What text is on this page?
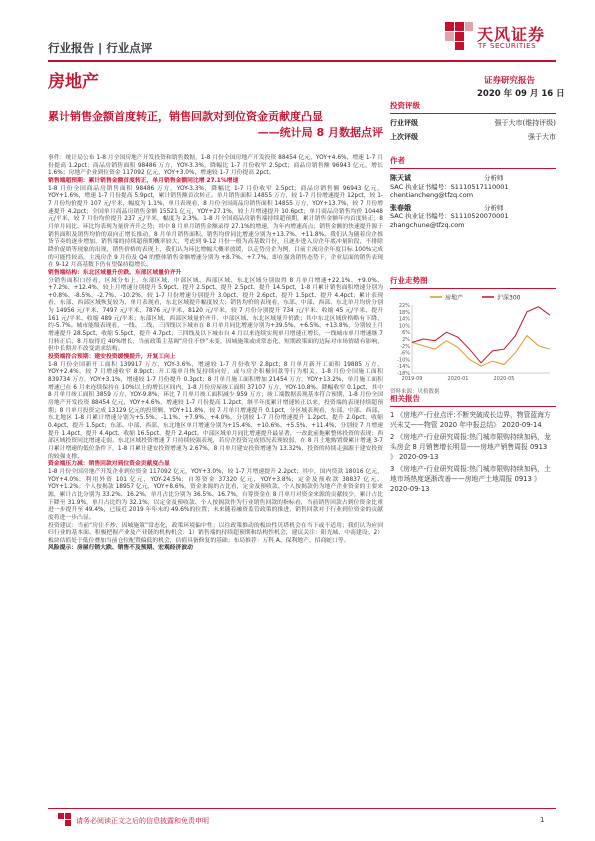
天风证券
TF SECURITIES
行业报告 | 行业点评
房地产	证券研究报告
2020 年 09 月 16 日
累计销售金额首度转正，销售回款对到位资金贡献度凸显
——统计局 8 月数据点评

事件：统计局公布 1-8 月全国房地产开发投资和销售数据，1-8 月份全国房地产开发投资 88454 亿元，YOY+4.6%，增速 1-7 月份提高 1.2pct；商品房销售面积 98486 万方，YOY-3.3%，降幅比 1-7 月份收窄 2.5pct；商品房销售额 96943 亿元，增长 1.6%；房地产企业到位资金 117092 亿元，YOY+3.0%，增速较 1-7 月份提高 2pct。

销售端超预期：累计销售金额首度转正，单月销售金额同比增 27.1%增速

1-8 月份全国商品房销售面积 98486 万方，YOY-3.3%，降幅比 1-7 月份收窄 2.5pct；商品房销售额 96943 亿元，YOY+1.6%，增速 1-7 月份提高 5.9pct，累计销售额首次转正。单月销售面积 14855 万方，较 1-7 月份增速提升 12pct，较 1-7 月份均价提升 107 元/平米，幅度为 1.1%，单月表现看，8 月份全国商品房销售面积 14855 万方，YOY+13.7%，较 7 月份增速提升 4.2pct；全国单月商品房销售金额 15521 亿元，YOY+27.1%，较上月增速提升 10.6pct；单月商品房销售均价 10448 元/平米，较 7 月份均价提升 237 元/平米，幅度为 2.3%。1-8 月全国商品房销售端持续超预期，累计销售金额年内首度转正；8 月单月同比、环比均表现为量价齐升之势；其中 8 月单月销售金额录得 27.1%的增速，为年内增速高点；销售金额的快速提升源于销售面积及销售均价的双向正增长推动，8 月单月销售面积、销售均价同比增速分别为+13.7%、+11.8%。我们认为随着房企推货节奏的逐步增加，销售端的持续超预期概率较大，考虑到 9-12 月份一般为高基数月份，且逐步进入房企年底冲量阶段，不排除降价促销等现象的出现，销售价格的表现上，我们认为环比增幅大概率放缓，以走势房企为例，目前主流房企年度目标 100%完成的可能性较高，主流房企 9 月份及 Q4 的整体销售金额增速分别为 +8.7%、+7.7%，即在强劲销售态势下，企业层面的销售表现在 9-12 月高基数下仍有望保持稳增长。

销售端结构：东北区域量升价跌、东部区域量价齐升

分销售面积口径看，区域分布上，东部区域、中部区域、西部区域、东北区域分别取得 8 月单月增速+22.1%、+9.0%、+7.2%、+12.4%，较上月增速分别提升 5.9pct、提升 2.5pct、提升 2.5pct、提升 14.5pct，1-8 月累计销售面积增速分别为+0.8%、-8.5%、-2.7%、-10.2%，较 1-7 月份增速分别提升 3.0pct、提升 2.6pct、提升 1.5pct、提升 4.4pct；累计表现看，东部、西部区域恢复较为，单月表现看，东北区域提升幅度较大；销售均价的表现看，东部、中部、西部、东北单月均价分别为 14956 元/平米、7497 元/平米、7876 元/平米、8120 元/平米，较 7 月份分别提升 734 元/平米、收缩 45 元/平米、提升 161 元/平米、收缩 489 元/平米；东部区域、西部区域量价齐升，中部区域、东北区域量升价跌；其中东北区域价格略有下降，约-5.7%。城市能级表现看，一线、二线、三四线以下城市在 8 月单月同比增速分别为+39.5%、+6.5%、+13.8%，分别较上月增速提升 28.5pct、收缩 5.5pct、提升 4.7pct；三四线及以下城市自 4 月以来连续实现单月增速正增长，一线城市单月增速继 7 月转正后，8 月取得近 40%增长，当前政策主基调“房住不炒”未变，因城施策或成常态化，短期政策面的边际对市场情绪有影响，但中长期并不改变需求结构。

投资端符合预期：建安投资缓慢提升，开复工向上

1-8 月份全国新开工面积 139917 万方，YOY-3.6%，增速较 1-7 月份收窄 2.8pct；8 月单月新开工面积 19885 万方，YOY+2.4%，较 7 月增速收窄 8.9pct；开工端单月恢复持续向好，或与房企积极回款等行为相关，1-8 月份全国施工面积 839734 万方，YOY+3.1%，增速较 1-7 月份提升 0.3pct；8 月单月施工面积增加 21454 万方，YOY+13.2%，单月施工面积增速已在 6 月来连续保持在 10%以上的增长区间内，1-8 月份房屋竣工面积 37107 万方，YOY-10.8%，降幅收窄 0.1pct，其中 8 月单月竣工面积 3859 万方，YOY-9.8%，环比 7 月单月竣工面积减少 959 万方；竣工端数据表现基本符合预期，1-8 月份全国房地产开发投资 88454 亿元，YOY+4.6%，增速较 1-7 月份提高 1.2pct，继半年度累计增速转正以来，投资端的表现持续超预期；8 月单月投资完成 13129 亿元的投资额，YOY+11.8%，较 7 月单月增速提升 0.1pct，分区域表现看，东部、中部、西部、东北地区 1-8 月累计增速分别为+5.5%、-1.1%、+7.9%、+4.0%，分别较 1-7 月份增速提升 1.2pct、提升 2.0pct、收缩 0.4pct、提升 1.5pct；东部、中部、西部、东北地区单月增速分别为+15.4%、+10.6%、+5.5%、+11.4%，分别较 7 月增速提升 1.4pct、提升 4.4pct、收缩 16.5pct、提升 2.4pct。中部区域单月同比增速提升最显著，一改此前拖累整体投资的表现；西部区域投资同比增速走弱，东北区域投资增速 7 月持续较强表现，若房企投资完成情况表现较弱，在 8 月土地购置费累计增速 3-7 月累计增速的低位条件下，1-8 月累计建安投资增速为 2.67%，8 月单月建安投资增速为 13.32%，投资的持续走强源于建安投资的较强支撑。

资金端压力减：销售回款对到位资金贡献度凸显

1-8 月份全国房地产开发企业到位资金 117092 亿元，YOY+3.0%，较 1-7 月增速提升 2.2pct；其中，国内贷款 18016 亿元，YOY+4.0%；利用外资 101 亿元，YOY-24.5%；自筹资金 37320 亿元，YOY+3.8%；定金及预收款 38837 亿元，YOY+1.2%；个人按揭款 18957 亿元，YOY+8.6%，资金来源的占比看，定金及预收款、个人按揭款仍为地产企业资金的主要来源，累计占比分别为 33.2%、16.2%，单月占比分别为 36.5%、16.7%，自筹资金在 8 月单月对资金来源的贡献较少，累计占比下降至 31.9%，单月占比约为 32.1%，以定金及预收款、个人按揭款作为行业销售回款的指标看，当前销售回款占到位资金比重进一步提升至 49.4%，已接近 2019 年年末的 49.6%的位置；未来随着融资监管政策的推进，销售回款对于行业到位资金的贡献度将进一步凸显。

投资建议：当前“房住不炒、因城施策”常态化，政策环境偏中性；以往政策推动的板块性贝塔机会在当下或不适用；我们认为应回归行业的基本面、积极把握产业及产业链的机构机会：1）销售端的持续超预期和结构性机会，建议关注：阳光城、中南建设；2）板块估值处于低位叠加当前仓位配置偏低的机会，估值具备修复的基础；布局推荐：万科 A、保利地产、招商蛇口等。

风险提示：房屋行销大跌、销售不及预期、宏观经济波动

投资评级
行业评级	强于大市(维持评级)
上次评级	强于大市
作者
陈天诚	分析师
SAC 执业证书编号：S1110517110001
chentiancheng@tfzq.com
张春娥	分析师
SAC 执业证书编号：S1110520070001
zhangchune@tfzq.com
行业走势图
房地产	沪深300
22%
18%
14%
10%
6%
2%
-2%
-6%
-10%
-14%
-18%
2019-09	2020-01	2020-05
资料来源：贝格数据
相关报告

1 《房地产-行业点评:不断突破成长边界，物管蓝海方兴未艾——物管 2020 年中报总结》 2020-09-14

2 《房地产-行业研究周报:热门城市限购持续加码，龙头房企 8 月销售增长明显——房地产销售周报 0913 》 2020-09-13

3 《房地产-行业研究周报:热门城市限购持续加码，土地市场热度逐渐改善——房地产土地周报 0913 》 2020-09-13

请务必阅读正文之后的信息披露和免责申明	1
